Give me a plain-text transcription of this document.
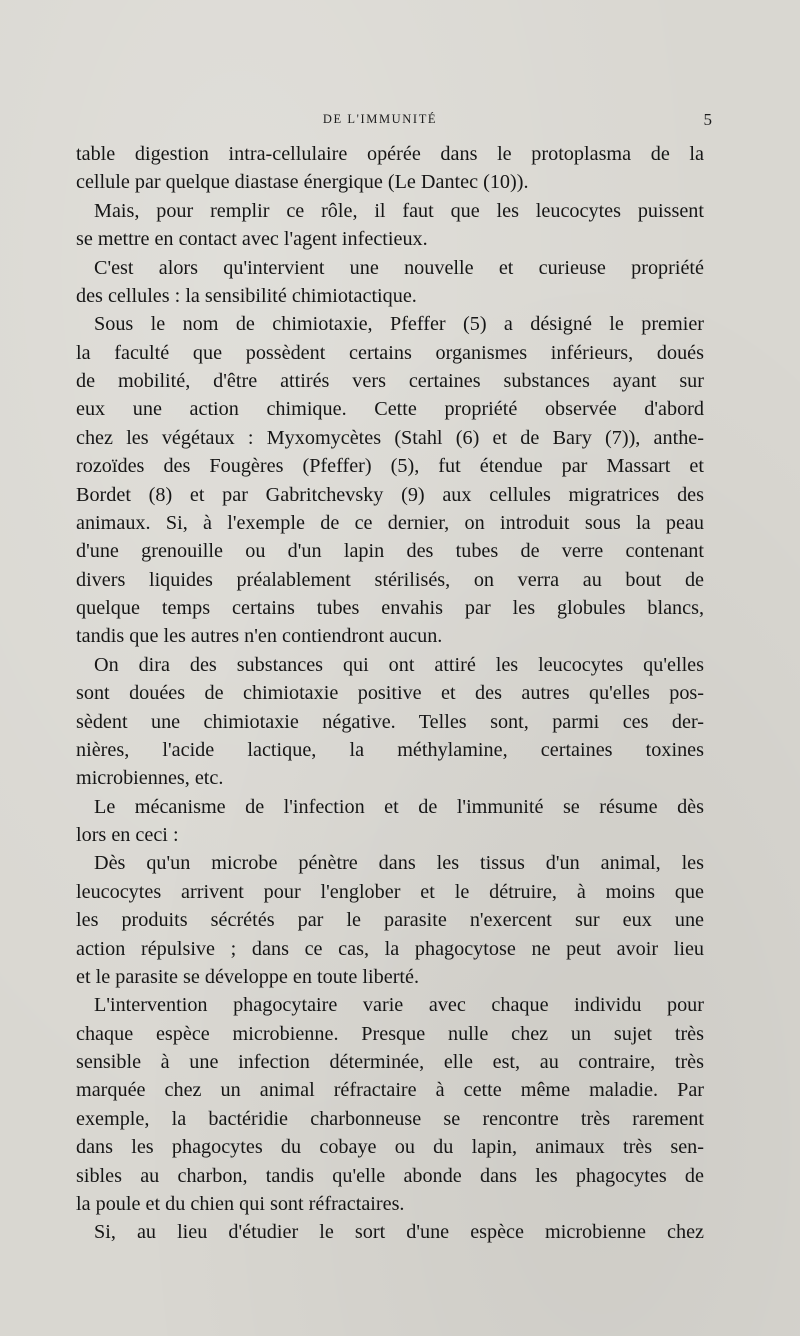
DE L'IMMUNITÉ	5
table digestion intra-cellulaire opérée dans le protoplasma de la
cellule par quelque diastase énergique (Le Dantec (10)).
Mais, pour remplir ce rôle, il faut que les leucocytes puissent
se mettre en contact avec l'agent infectieux.
C'est alors qu'intervient une nouvelle et curieuse propriété
des cellules : la sensibilité chimiotactique.
Sous le nom de chimiotaxie, Pfeffer (5) a désigné le premier
la faculté que possèdent certains organismes inférieurs, doués
de mobilité, d'être attirés vers certaines substances ayant sur
eux une action chimique. Cette propriété observée d'abord
chez les végétaux : Myxomycètes (Stahl (6) et de Bary (7)), anthe-
rozoïdes des Fougères (Pfeffer) (5), fut étendue par Massart et
Bordet (8) et par Gabritchevsky (9) aux cellules migratrices des
animaux. Si, à l'exemple de ce dernier, on introduit sous la peau
d'une grenouille ou d'un lapin des tubes de verre contenant
divers liquides préalablement stérilisés, on verra au bout de
quelque temps certains tubes envahis par les globules blancs,
tandis que les autres n'en contiendront aucun.
On dira des substances qui ont attiré les leucocytes qu'elles
sont douées de chimiotaxie positive et des autres qu'elles pos-
sèdent une chimiotaxie négative. Telles sont, parmi ces der-
nières, l'acide lactique, la méthylamine, certaines toxines
microbiennes, etc.
Le mécanisme de l'infection et de l'immunité se résume dès
lors en ceci :
Dès qu'un microbe pénètre dans les tissus d'un animal, les
leucocytes arrivent pour l'englober et le détruire, à moins que
les produits sécrétés par le parasite n'exercent sur eux une
action répulsive ; dans ce cas, la phagocytose ne peut avoir lieu
et le parasite se développe en toute liberté.
L'intervention phagocytaire varie avec chaque individu pour
chaque espèce microbienne. Presque nulle chez un sujet très
sensible à une infection déterminée, elle est, au contraire, très
marquée chez un animal réfractaire à cette même maladie. Par
exemple, la bactéridie charbonneuse se rencontre très rarement
dans les phagocytes du cobaye ou du lapin, animaux très sen-
sibles au charbon, tandis qu'elle abonde dans les phagocytes de
la poule et du chien qui sont réfractaires.
Si, au lieu d'étudier le sort d'une espèce microbienne chez
